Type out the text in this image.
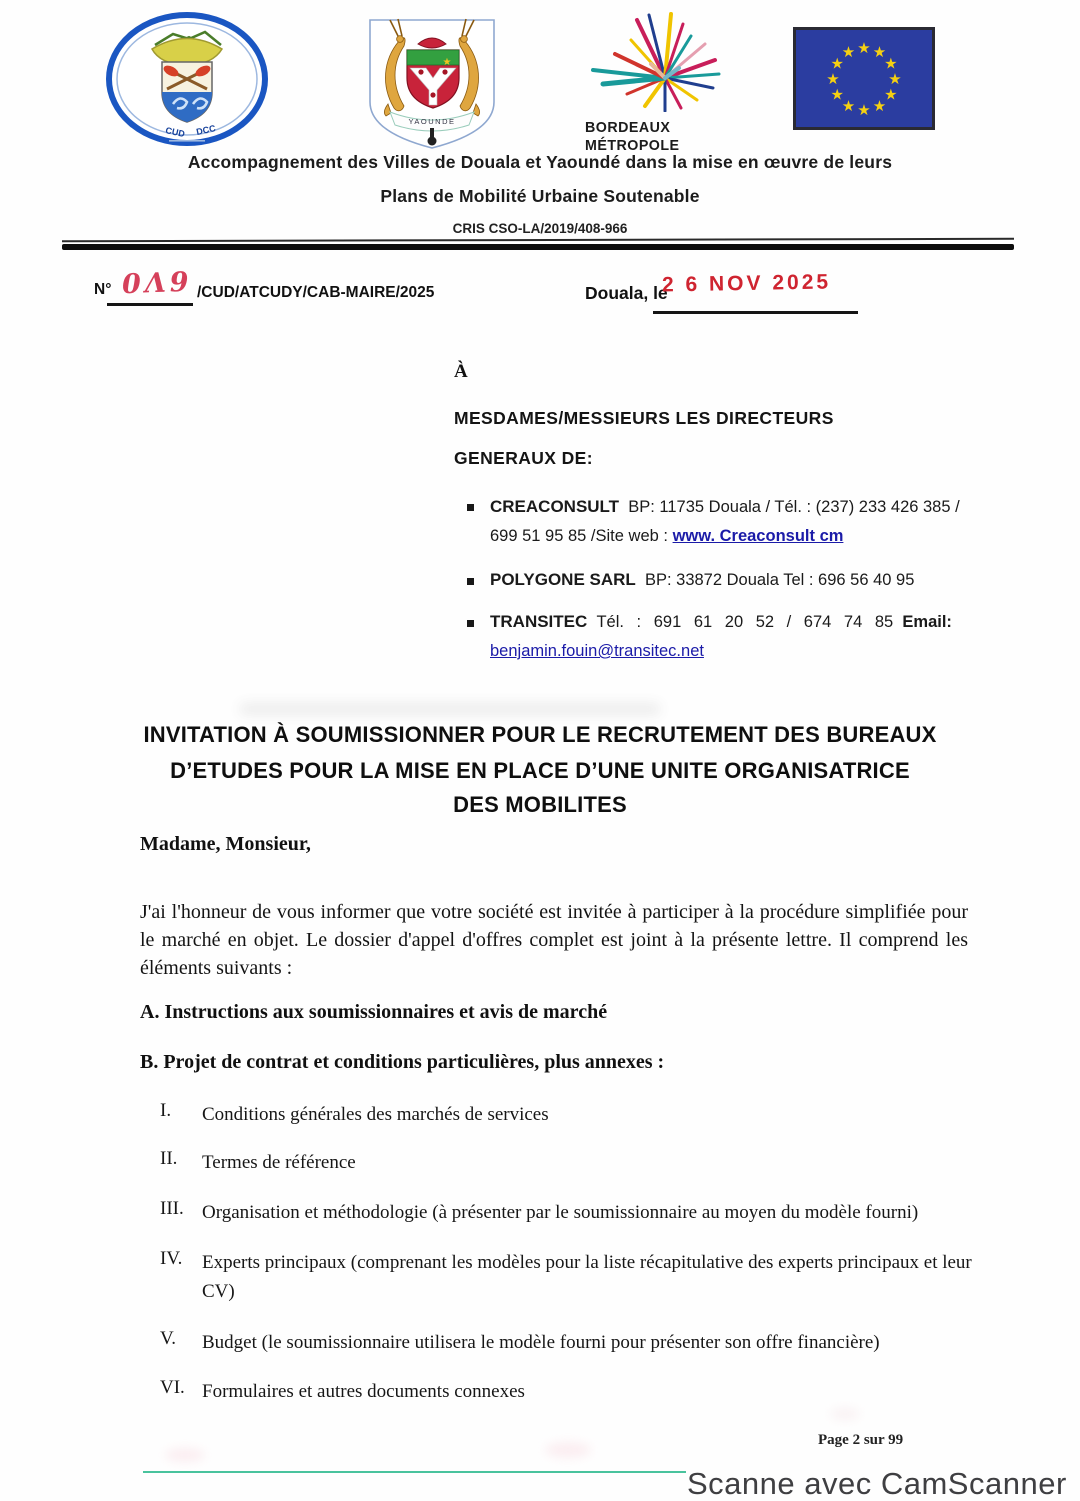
CUD DCC
★
YAOUNDE	BORDEAUX
MÉTROPOLE
★ ★
★
★
★
★
★
★
★
★
★
★
Accompagnement des Villes de Douala et Yaoundé dans la mise en œuvre de leurs
Plans de Mobilité Urbaine Soutenable
CRIS CSO-LA/2019/408-966
N° 0Λ9 /CUD/ATCUDY/CAB-MAIRE/2025	Douala, le
2 6 NOV 2025
À
MESDAMES/MESSIEURS LES DIRECTEURS
GENERAUX DE:
CREACONSULT BP: 11735 Douala / Tél. : (237) 233 426 385 /
699 51 95 85 /Site web : www. Creaconsult cm
POLYGONE SARL BP: 33872 Douala Tel : 696 56 40 95
TRANSITEC Tél. : 691 61 20 52 / 674 74 85 Email:
benjamin.fouin@transitec.net
INVITATION À SOUMISSIONNER POUR LE RECRUTEMENT DES BUREAUX
D’ETUDES POUR LA MISE EN PLACE D’UNE UNITE ORGANISATRICE
DES MOBILITES
Madame, Monsieur,
J'ai l'honneur de vous informer que votre société est invitée à participer à la procédure simplifiée pour le marché en objet. Le dossier d'appel d'offres complet est joint à la présente lettre. Il comprend les éléments suivants :
A. Instructions aux soumissionnaires et avis de marché
B. Projet de contrat et conditions particulières, plus annexes :
I.	Conditions générales des marchés de services
II.	Termes de référence
III. Organisation et méthodologie (à présenter par le soumissionnaire au moyen du modèle fourni)
IV.	Experts principaux (comprenant les modèles pour la liste récapitulative des experts principaux et leur CV)
V.	Budget (le soumissionnaire utilisera le modèle fourni pour présenter son offre financière)
VI. Formulaires et autres documents connexes
Page 2 sur 99
Scanne avec CamScanner
